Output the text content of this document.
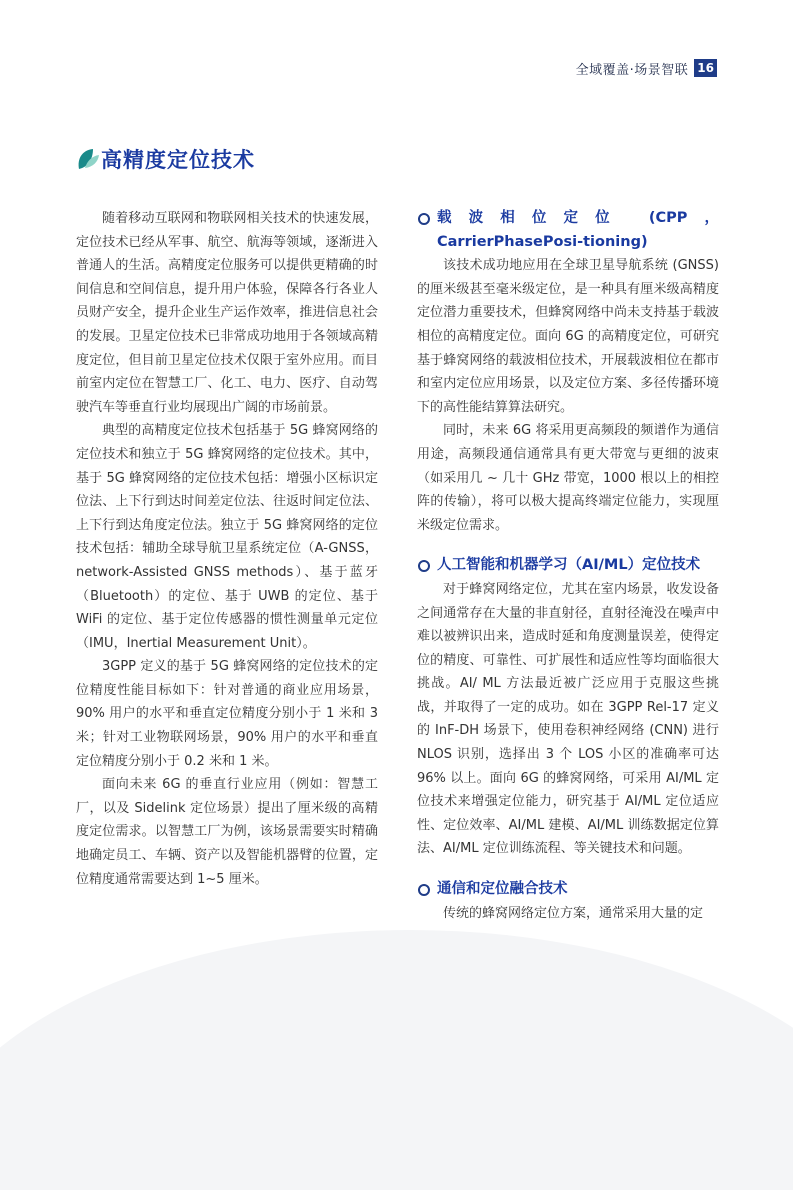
全域覆盖·场景智联 16
高精度定位技术

随着移动互联网和物联网相关技术的快速发展，定位技术已经从军事、航空、航海等领域，逐渐进入普通人的生活。高精度定位服务可以提供更精确的时间信息和空间信息，提升用户体验，保障各行各业人员财产安全，提升企业生产运作效率，推进信息社会的发展。卫星定位技术已非常成功地用于各领域高精度定位，但目前卫星定位技术仅限于室外应用。而目前室内定位在智慧工厂、化工、电力、医疗、自动驾驶汽车等垂直行业均展现出广阔的市场前景。

典型的高精度定位技术包括基于 5G 蜂窝网络的定位技术和独立于 5G 蜂窝网络的定位技术。其中，基于 5G 蜂窝网络的定位技术包括：增强小区标识定位法、上下行到达时间差定位法、往返时间定位法、上下行到达角度定位法。独立于 5G 蜂窝网络的定位技术包括：辅助全球导航卫星系统定位（A-GNSS，network-Assisted GNSS methods）、基于蓝牙（Bluetooth）的定位、基于 UWB 的定位、基于 WiFi 的定位、基于定位传感器的惯性测量单元定位（IMU，Inertial Measurement Unit）。

3GPP 定义的基于 5G 蜂窝网络的定位技术的定位精度性能目标如下：针对普通的商业应用场景，90% 用户的水平和垂直定位精度分别小于 1 米和 3 米；针对工业物联网场景，90% 用户的水平和垂直定位精度分别小于 0.2 米和 1 米。

面向未来 6G 的垂直行业应用（例如：智慧工厂，以及 Sidelink 定位场景）提出了厘米级的高精度定位需求。以智慧工厂为例，该场景需要实时精确地确定员工、车辆、资产以及智能机器臂的位置，定位精度通常需要达到 1~5 厘米。

载波相位定位 (CPP，CarrierPhasePosi-tioning)

该技术成功地应用在全球卫星导航系统 (GNSS) 的厘米级甚至毫米级定位，是一种具有厘米级高精度定位潜力重要技术，但蜂窝网络中尚未支持基于载波相位的高精度定位。面向 6G 的高精度定位，可研究基于蜂窝网络的载波相位技术，开展载波相位在都市和室内定位应用场景，以及定位方案、多径传播环境下的高性能结算算法研究。

同时，未来 6G 将采用更高频段的频谱作为通信用途，高频段通信通常具有更大带宽与更细的波束（如采用几 ~ 几十 GHz 带宽，1000 根以上的相控阵的传输），将可以极大提高终端定位能力，实现厘米级定位需求。

人工智能和机器学习（AI/ML）定位技术

对于蜂窝网络定位，尤其在室内场景，收发设备之间通常存在大量的非直射径，直射径淹没在噪声中难以被辨识出来，造成时延和角度测量误差，使得定位的精度、可靠性、可扩展性和适应性等均面临很大挑战。AI/ ML 方法最近被广泛应用于克服这些挑战，并取得了一定的成功。如在 3GPP Rel-17 定义的 InF-DH 场景下，使用卷积神经网络 (CNN) 进行 NLOS 识别，选择出 3 个 LOS 小区的准确率可达 96% 以上。面向 6G 的蜂窝网络，可采用 AI/ML 定位技术来增强定位能力，研究基于 AI/ML 定位适应性、定位效率、AI/ML 建模、AI/ML 训练数据定位算法、AI/ML 定位训练流程、等关键技术和问题。

通信和定位融合技术

传统的蜂窝网络定位方案，通常采用大量的定
